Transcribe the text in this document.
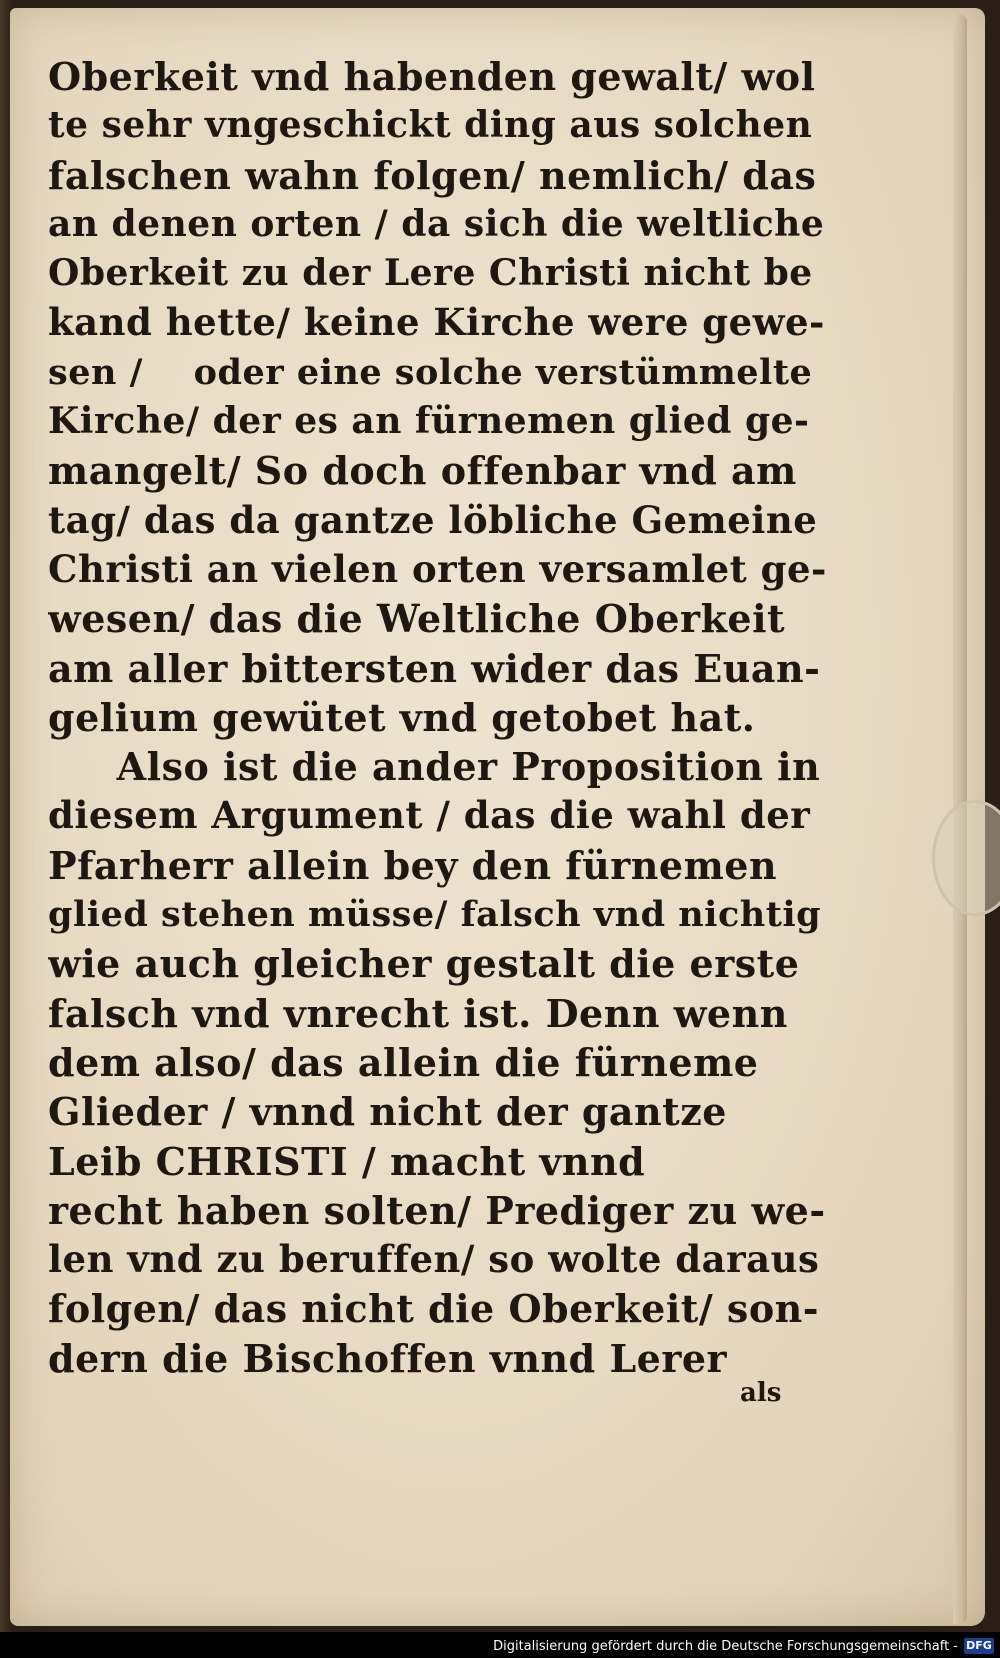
Oberkeit vnd habenden gewalt/ wol
te sehr vngeschickt ding aus solchen
falschen wahn folgen/ nemlich/ das
an denen orten / da sich die weltliche
Oberkeit zu der Lere Christi nicht be
kand hette/ keine Kirche were gewe-
sen /    oder eine solche verstümmelte
Kirche/ der es an fürnemen glied ge-
mangelt/ So doch offenbar vnd am
tag/ das da gantze löbliche Gemeine
Christi an vielen orten versamlet ge-
wesen/ das die Weltliche Oberkeit
am aller bittersten wider das Euan-
gelium gewütet vnd getobet hat.
Also ist die ander Proposition in
diesem Argument / das die wahl der
Pfarherr allein bey den fürnemen
glied stehen müsse/ falsch vnd nichtig
wie auch gleicher gestalt die erste
falsch vnd vnrecht ist. Denn wenn
dem also/ das allein die fürneme
Glieder / vnnd nicht der gantze
Leib CHRISTI / macht vnnd
recht haben solten/ Prediger zu we-
len vnd zu beruffen/ so wolte daraus
folgen/ das nicht die Oberkeit/ son-
dern die Bischoffen vnnd Lerer
als
Digitalisierung gefördert durch die Deutsche Forschungsgemeinschaft - DFG
